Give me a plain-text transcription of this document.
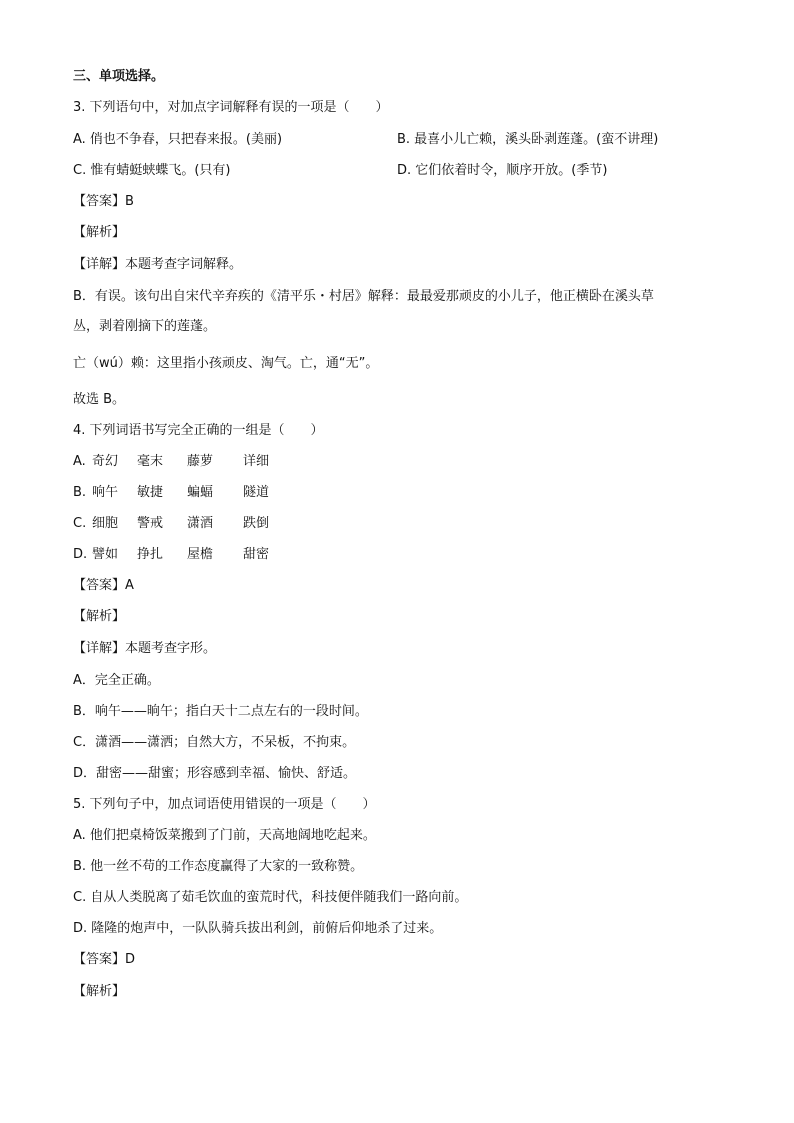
三、单项选择。
3. 下列语句中，对加点字词解释有误的一项是（　　）
A. 俏也不争春，只把春来报。(美丽)	B. 最喜小儿亡赖，溪头卧剥莲蓬。(蛮不讲理)
C. 惟有蜻蜓蛱蝶飞。(只有)	D. 它们依着时令，顺序开放。(季节)
【答案】B
【解析】
【详解】本题考查字词解释。
B．有误。该句出自宋代辛弃疾的《清平乐・村居》解释：最最爱那顽皮的小儿子，他正横卧在溪头草
丛，剥着刚摘下的莲蓬。
亡（wú）赖：这里指小孩顽皮、淘气。亡，通“无”。
故选 B。
4. 下列词语书写完全正确的一组是（　　）
A. 奇幻 毫末 藤萝 详细
B. 响午 敏捷 蝙蝠 隧道
C. 细胞 警戒 潇酒 跌倒
D. 譬如 挣扎 屋檐 甜密
【答案】A
【解析】
【详解】本题考查字形。
A．完全正确。
B．响午——晌午；指白天十二点左右的一段时间。
C．潇酒——潇洒；自然大方，不呆板，不拘束。
D．甜密——甜蜜；形容感到幸福、愉快、舒适。
5. 下列句子中，加点词语使用错误的一项是（　　）
A. 他们把桌椅饭菜搬到了门前，天高地阔地吃起来。
B. 他一丝不苟的工作态度赢得了大家的一致称赞。
C. 自从人类脱离了茹毛饮血的蛮荒时代，科技便伴随我们一路向前。
D. 隆隆的炮声中，一队队骑兵拔出利剑，前俯后仰地杀了过来。
【答案】D
【解析】
